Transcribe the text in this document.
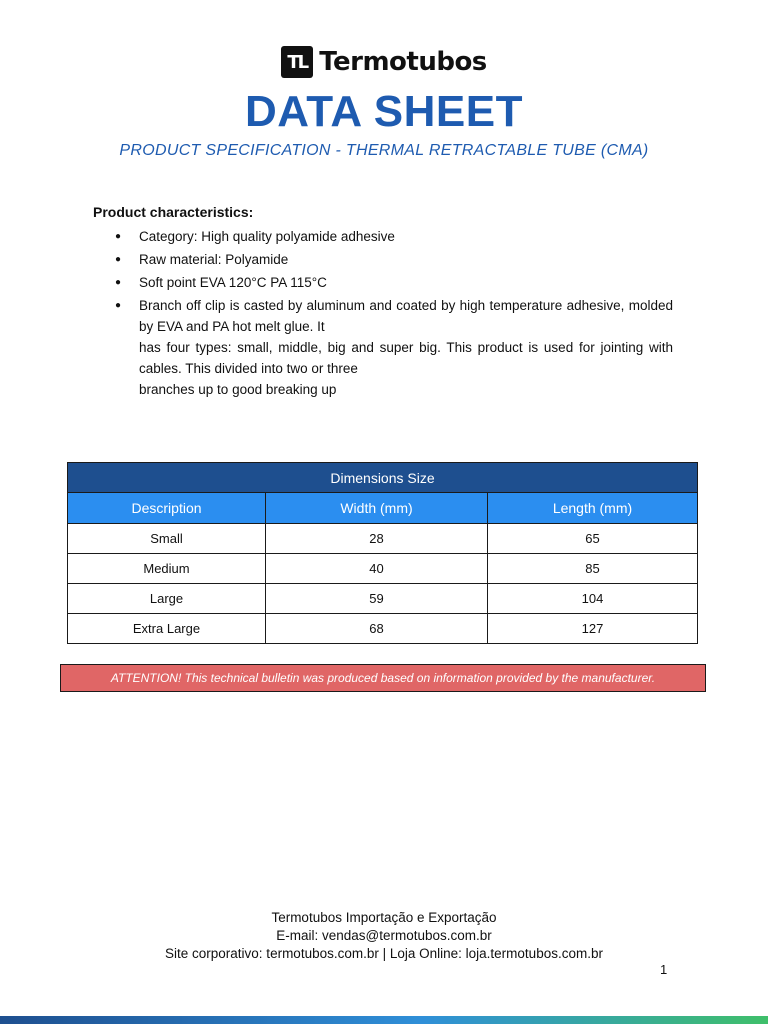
TL Termotubos
DATA SHEET
PRODUCT SPECIFICATION - THERMAL RETRACTABLE TUBE (CMA)
Product characteristics:
● Category: High quality polyamide adhesive

● Raw material: Polyamide

● Soft point EVA 120°C PA 115°C

● Branch off clip is casted by aluminum and coated by high temperature adhesive, molded by EVA and PA hot melt glue. It

has four types: small, middle, big and super big. This product is used for jointing with cables. This divided into two or three

branches up to good breaking up

Dimensions Size		
Description	Width (mm)	Length (mm)
Small	28	65
Medium	40	85
Large	59	104
Extra Large	68	127
ATTENTION! This technical bulletin was produced based on information provided by the manufacturer.
Termotubos Importação e Exportação
E-mail: vendas@termotubos.com.br
Site corporativo: termotubos.com.br | Loja Online: loja.termotubos.com.br
1
